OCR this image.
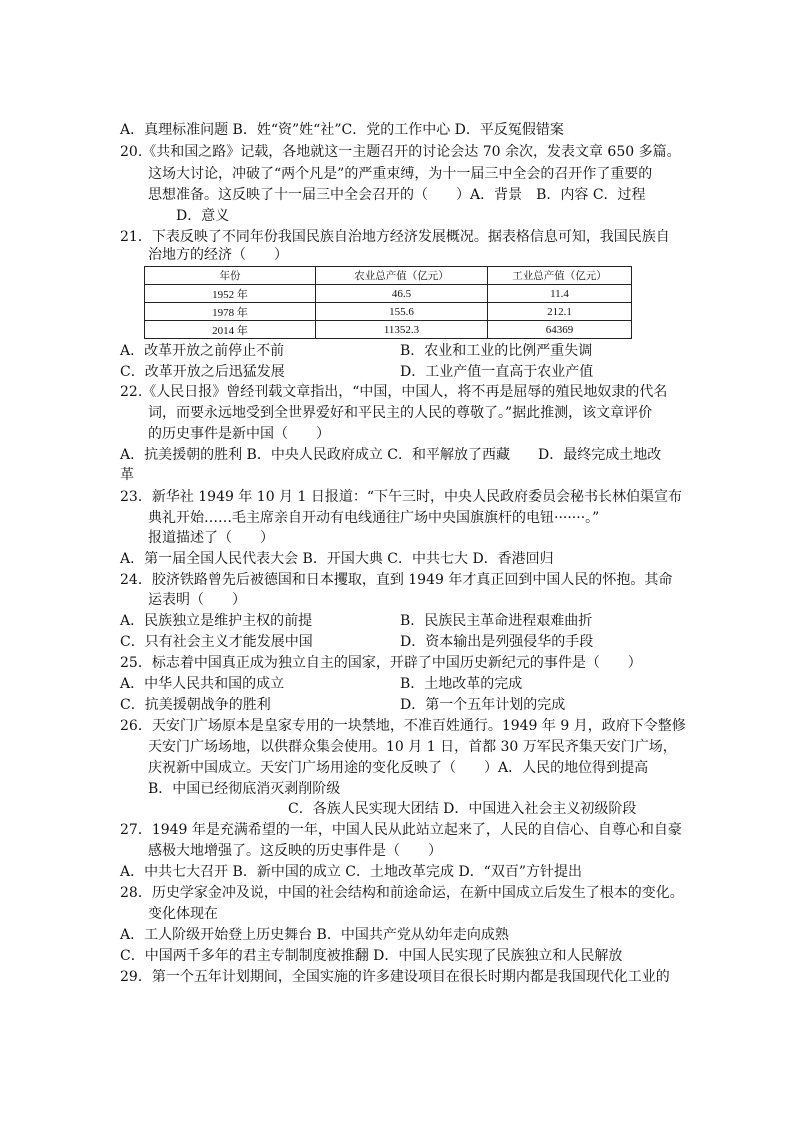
A．真理标准问题 B．姓“资”姓“社”C．党的工作中心 D．平反冤假错案
20.《共和国之路》记载，各地就这一主题召开的讨论会达 70 余次，发表文章 650 多篇。
这场大讨论，冲破了“两个凡是”的严重束缚，为十一届三中全会的召开作了重要的
思想准备。这反映了十一届三中全会召开的（　　）A．背景　B．内容 C．过程
D．意义
21．下表反映了不同年份我国民族自治地方经济发展概况。据表格信息可知，我国民族自
治地方的经济（　　）
年份	农业总产值（亿元）	工业总产值（亿元）
1952 年	46.5	11.4
1978 年	155.6	212.1
2014 年	11352.3	64369
A．改革开放之前停止不前	B．农业和工业的比例严重失调
C．改革开放之后迅猛发展	D．工业产值一直高于农业产值
22.《人民日报》曾经刊载文章指出，“中国，中国人，将不再是屈辱的殖民地奴隶的代名
词，而要永远地受到全世界爱好和平民主的人民的尊敬了。”据此推测，该文章评价
的历史事件是新中国（　　）
A．抗美援朝的胜利 B．中央人民政府成立 C．和平解放了西藏　　D．最终完成土地改
革
23．新华社 1949 年 10 月 1 日报道：“下午三时，中央人民政府委员会秘书长林伯渠宣布
典礼开始……毛主席亲自开动有电线通往广场中央国旗旗杆的电钮·······。”
报道描述了（　　）
A．第一届全国人民代表大会 B．开国大典 C．中共七大 D．香港回归
24．胶济铁路曾先后被德国和日本攫取，直到 1949 年才真正回到中国人民的怀抱。其命
运表明（　　）
A．民族独立是维护主权的前提	B．民族民主革命进程艰难曲折
C．只有社会主义才能发展中国	D．资本输出是列强侵华的手段
25．标志着中国真正成为独立自主的国家，开辟了中国历史新纪元的事件是（　　）
A．中华人民共和国的成立	B．土地改革的完成
C．抗美援朝战争的胜利	D．第一个五年计划的完成
26．天安门广场原本是皇家专用的一块禁地，不准百姓通行。1949 年 9 月，政府下令整修
天安门广场场地，以供群众集会使用。10 月 1 日，首都 30 万军民齐集天安门广场，
庆祝新中国成立。天安门广场用途的变化反映了（　　）A．人民的地位得到提高
B．中国已经彻底消灭剥削阶级
C．各族人民实现大团结 D．中国进入社会主义初级阶段
27．1949 年是充满希望的一年，中国人民从此站立起来了，人民的自信心、自尊心和自豪
感极大地增强了。这反映的历史事件是（　　）
A．中共七大召开 B．新中国的成立 C．土地改革完成 D．“双百”方针提出
28．历史学家金冲及说，中国的社会结构和前途命运，在新中国成立后发生了根本的变化。
变化体现在
A．工人阶级开始登上历史舞台 B．中国共产党从幼年走向成熟
C．中国两千多年的君主专制制度被推翻 D．中国人民实现了民族独立和人民解放
29．第一个五年计划期间，全国实施的许多建设项目在很长时期内都是我国现代化工业的
